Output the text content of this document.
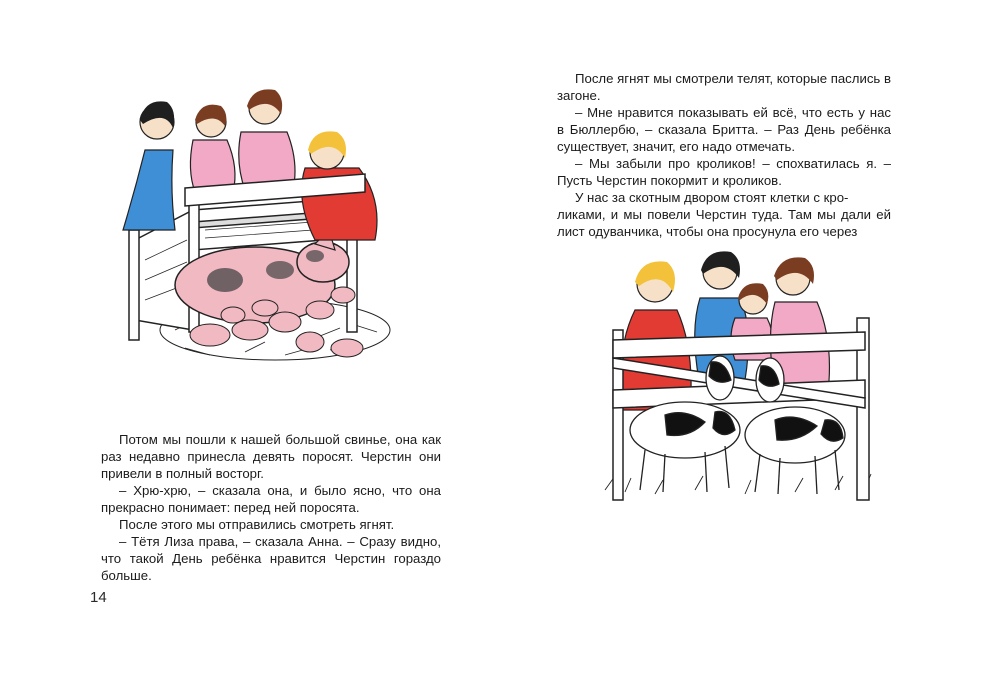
Потом мы пошли к нашей большой свинье, она как раз недавно принесла девять поросят. Черстин они привели в полный восторг.

– Хрю-хрю, – сказала она, и было ясно, что она прекрасно понимает: перед ней поросята.

После этого мы отправились смотреть ягнят.

– Тётя Лиза права, – сказала Анна. – Сразу видно, что такой День ребёнка нравится Черстин гораздо больше.

14

После ягнят мы смотрели телят, которые паслись в загоне.

– Мне нравится показывать ей всё, что есть у нас в Бюллербю, – сказала Бритта. – Раз День ребёнка существует, значит, его надо отмечать.

– Мы забыли про кроликов! – спохватилась я. – Пусть Черстин покормит и кроликов.

У нас за скотным двором стоят клетки с кро-

ликами, и мы повели Черстин туда. Там мы дали ей лист одуванчика, чтобы она просунула его через
